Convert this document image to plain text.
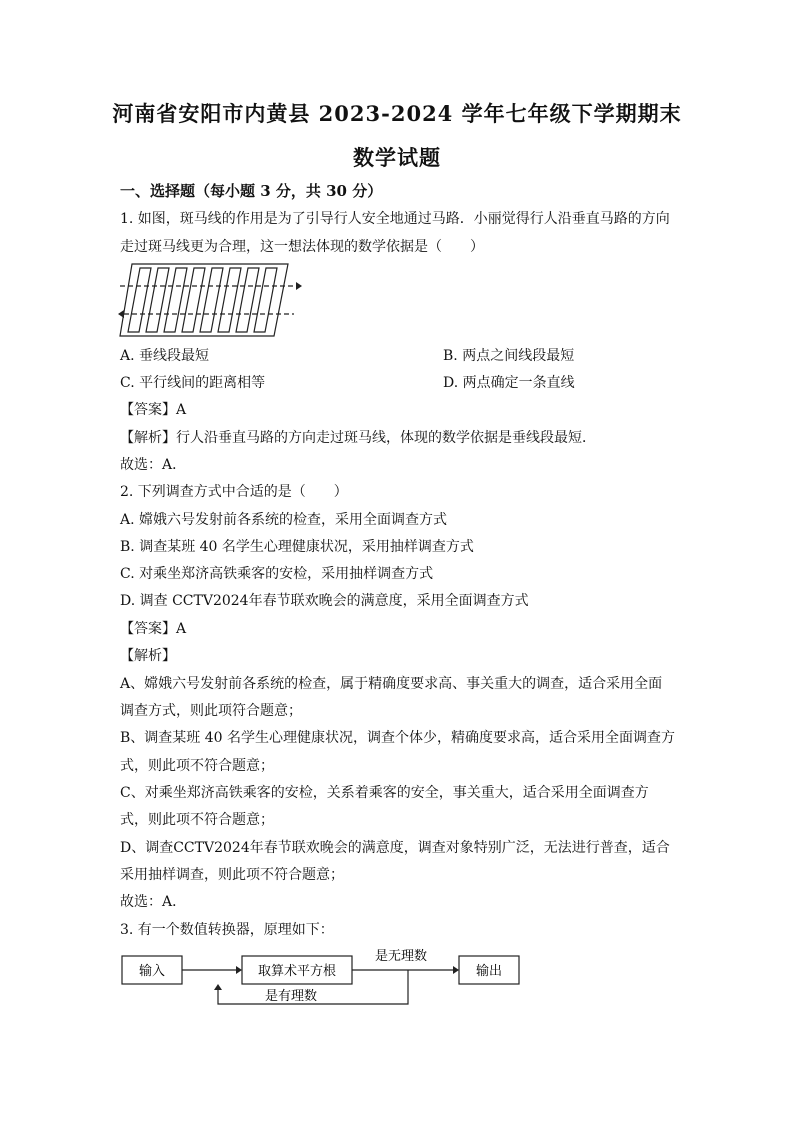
河南省安阳市内黄县 2023-2024 学年七年级下学期期末
数学试题
一、选择题（每小题 3 分，共 30 分）
1. 如图，斑马线的作用是为了引导行人安全地通过马路．小丽觉得行人沿垂直马路的方向
走过斑马线更为合理，这一想法体现的数学依据是（　　）
A. 垂线段最短	B. 两点之间线段最短
C. 平行线间的距离相等	D. 两点确定一条直线
【答案】A
【解析】行人沿垂直马路的方向走过斑马线，体现的数学依据是垂线段最短．
故选：A．
2. 下列调查方式中合适的是（　　）
A. 嫦娥六号发射前各系统的检查，采用全面调查方式
B. 调查某班 40 名学生心理健康状况，采用抽样调查方式
C. 对乘坐郑济高铁乘客的安检，采用抽样调查方式
D. 调查 CCTV2024年春节联欢晚会的满意度，采用全面调查方式
【答案】A
【解析】
A、嫦娥六号发射前各系统的检查，属于精确度要求高、事关重大的调查，适合采用全面
调查方式，则此项符合题意；
B、调查某班 40 名学生心理健康状况，调查个体少，精确度要求高，适合采用全面调查方
式，则此项不符合题意；
C、对乘坐郑济高铁乘客的安检，关系着乘客的安全，事关重大，适合采用全面调查方
式，则此项不符合题意；
D、调查CCTV2024年春节联欢晚会的满意度，调查对象特别广泛，无法进行普查，适合
采用抽样调查，则此项不符合题意；
故选：A．
3. 有一个数值转换器，原理如下：
输入	取算术平方根	输出
是无理数
是有理数
